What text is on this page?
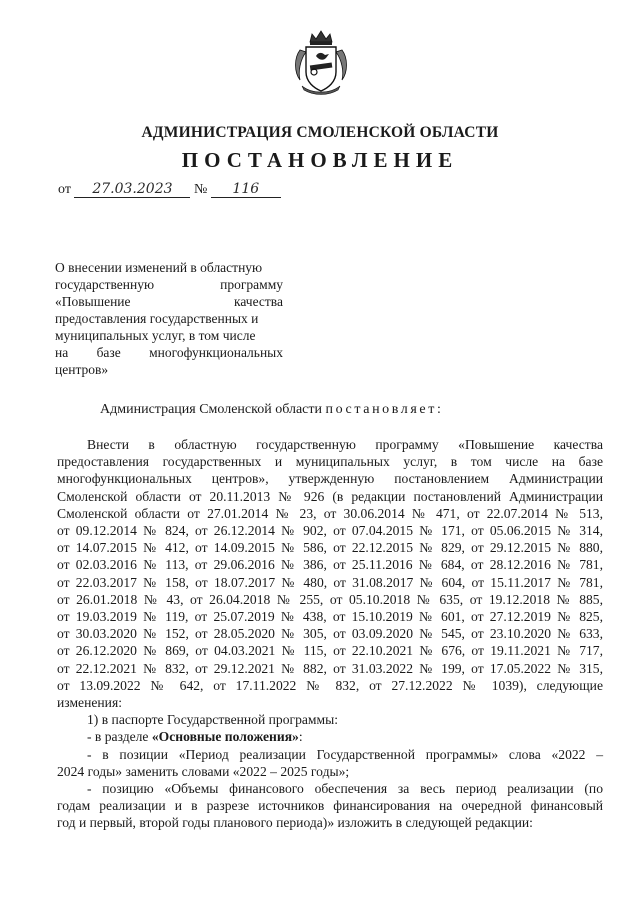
АДМИНИСТРАЦИЯ СМОЛЕНСКОЙ ОБЛАСТИ
ПОСТАНОВЛЕНИЕ
от 27.03.2023 № 116
О внесении изменений в областную
государственную программу
«Повышение качества
предоставления государственных и
муниципальных услуг, в том числе
на базе многофункциональных
центров»
Администрация Смоленской области постановляет:
Внести в областную государственную программу «Повышение качества
предоставления государственных и муниципальных услуг, в том числе на базе
многофункциональных центров», утвержденную постановлением Администрации
Смоленской области от 20.11.2013 № 926 (в редакции постановлений Администрации
Смоленской области от 27.01.2014 № 23, от 30.06.2014 № 471, от 22.07.2014 № 513,
от 09.12.2014 № 824, от 26.12.2014 № 902, от 07.04.2015 № 171, от 05.06.2015 № 314,
от 14.07.2015 № 412, от 14.09.2015 № 586, от 22.12.2015 № 829, от 29.12.2015 № 880,
от 02.03.2016 № 113, от 29.06.2016 № 386, от 25.11.2016 № 684, от 28.12.2016 № 781,
от 22.03.2017 № 158, от 18.07.2017 № 480, от 31.08.2017 № 604, от 15.11.2017 № 781,
от 26.01.2018 № 43, от 26.04.2018 № 255, от 05.10.2018 № 635, от 19.12.2018 № 885,
от 19.03.2019 № 119, от 25.07.2019 № 438, от 15.10.2019 № 601, от 27.12.2019 № 825,
от 30.03.2020 № 152, от 28.05.2020 № 305, от 03.09.2020 № 545, от 23.10.2020 № 633,
от 26.12.2020 № 869, от 04.03.2021 № 115, от 22.10.2021 № 676, от 19.11.2021 № 717,
от 22.12.2021 № 832, от 29.12.2021 № 882, от 31.03.2022 № 199, от 17.05.2022 № 315,
от 13.09.2022 № 642, от 17.11.2022 № 832, от 27.12.2022 № 1039), следующие
изменения:
1) в паспорте Государственной программы:
- в разделе «Основные положения»:
- в позиции «Период реализации Государственной программы» слова «2022 –
2024 годы» заменить словами «2022 – 2025 годы»;
- позицию «Объемы финансового обеспечения за весь период реализации (по
годам реализации и в разрезе источников финансирования на очередной финансовый
год и первый, второй годы планового периода)» изложить в следующей редакции:
